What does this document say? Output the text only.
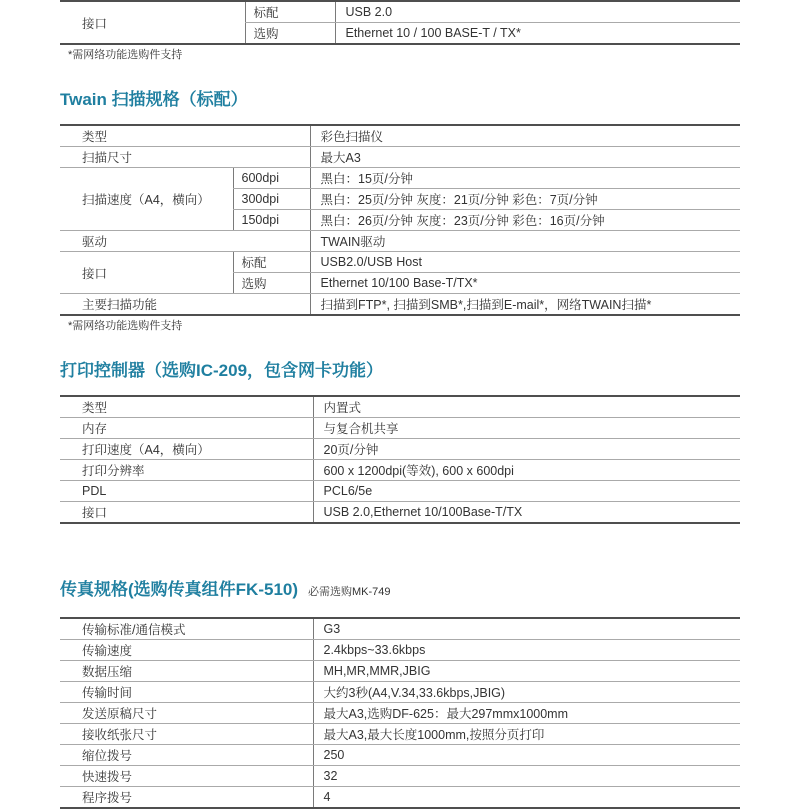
接口	标配	USB 2.0
	选购	Ethernet 10 / 100 BASE-T / TX*
*需网络功能选购件支持
Twain 扫描规格（标配）
类型		彩色扫描仪
扫描尺寸		最大A3
扫描速度（A4，横向）	600dpi	黑白：15页/分钟
	300dpi	黑白：25页/分钟 灰度：21页/分钟 彩色：7页/分钟
	150dpi	黑白：26页/分钟 灰度：23页/分钟 彩色：16页/分钟
驱动		TWAIN驱动
接口	标配	USB2.0/USB Host
	选购	Ethernet 10/100 Base-T/TX*
主要扫描功能		扫描到FTP*, 扫描到SMB*,扫描到E-mail*，网络TWAIN扫描*
*需网络功能选购件支持
打印控制器（选购IC-209，包含网卡功能）
类型	内置式
内存	与复合机共享
打印速度（A4，横向）	20页/分钟
打印分辨率	600 x 1200dpi(等效), 600 x 600dpi
PDL	PCL6/5e
接口	USB 2.0,Ethernet 10/100Base-T/TX
传真规格(选购传真组件FK-510) 必需选购MK-749
传输标准/通信模式	G3
传输速度	2.4kbps~33.6kbps
数据压缩	MH,MR,MMR,JBIG
传输时间	大约3秒(A4,V.34,33.6kbps,JBIG)
发送原稿尺寸	最大A3,选购DF-625：最大297mmx1000mm
接收纸张尺寸	最大A3,最大长度1000mm,按照分页打印
缩位拨号	250
快速拨号	32
程序拨号	4
